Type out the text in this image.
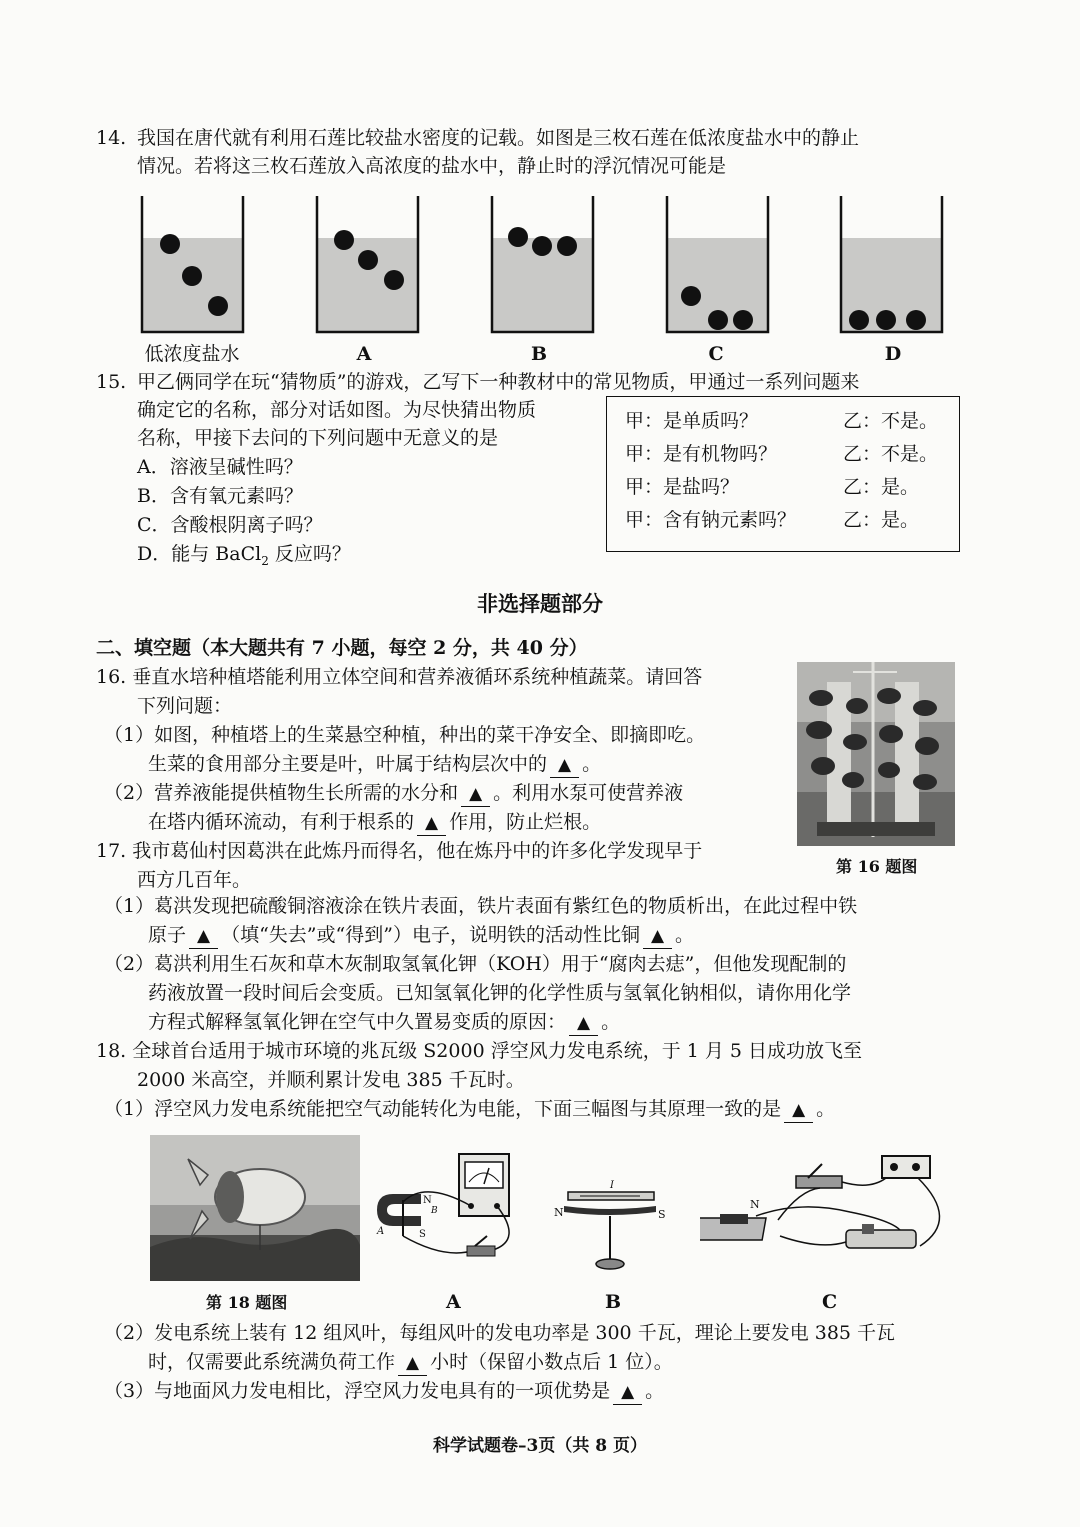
14. 我国在唐代就有利用石莲比较盐水密度的记载。如图是三枚石莲在低浓度盐水中的静止
情况。若将这三枚石莲放入高浓度的盐水中，静止时的浮沉情况可能是
低浓度盐水	A	B	C	D
15. 甲乙俩同学在玩“猜物质”的游戏，乙写下一种教材中的常见物质，甲通过一系列问题来
确定它的名称，部分对话如图。为尽快猜出物质
名称，甲接下去问的下列问题中无意义的是
A．溶液呈碱性吗？
B．含有氧元素吗？
C．含酸根阴离子吗？
D．能与 BaCl$_2$ 反应吗？
甲：是单质吗？	乙：不是。
甲：是有机物吗？	乙：不是。
甲：是盐吗？	乙：是。
甲：含有钠元素吗？ 乙：是。
非选择题部分
二、填空题（本大题共有 7 小题，每空 2 分，共 40 分）
16. 垂直水培种植塔能利用立体空间和营养液循环系统种植蔬菜。请回答
下列问题：
（1）如图，种植塔上的生菜悬空种植，种出的菜干净安全、即摘即吃。
生菜的食用部分主要是叶，叶属于结构层次中的 ▲ 。
（2）营养液能提供植物生长所需的水分和 ▲ 。利用水泵可使营养液
在塔内循环流动，有利于根系的 ▲ 作用，防止烂根。
第 16 题图
17. 我市葛仙村因葛洪在此炼丹而得名，他在炼丹中的许多化学发现早于
西方几百年。
（1）葛洪发现把硫酸铜溶液涂在铁片表面，铁片表面有紫红色的物质析出，在此过程中铁
原子 ▲ （填“失去”或“得到”）电子，说明铁的活动性比铜 ▲ 。
（2）葛洪利用生石灰和草木灰制取氢氧化钾（KOH）用于“腐肉去痣”，但他发现配制的
药液放置一段时间后会变质。已知氢氧化钾的化学性质与氢氧化钠相似，请你用化学
方程式解释氢氧化钾在空气中久置易变质的原因： ▲ 。
18. 全球首台适用于城市环境的兆瓦级 S2000 浮空风力发电系统，于 1 月 5 日成功放飞至
2000 米高空，并顺利累计发电 385 千瓦时。
（1）浮空风力发电系统能把空气动能转化为电能，下面三幅图与其原理一致的是 ▲ 。
N
S
A
B
I
N	S
N
第 18 题图	A	B	C
（2）发电系统上装有 12 组风叶，每组风叶的发电功率是 300 千瓦，理论上要发电 385 千瓦
时，仅需要此系统满负荷工作 ▲ 小时（保留小数点后 1 位）。
（3）与地面风力发电相比，浮空风力发电具有的一项优势是 ▲ 。
科学试题卷–3页（共 8 页）
